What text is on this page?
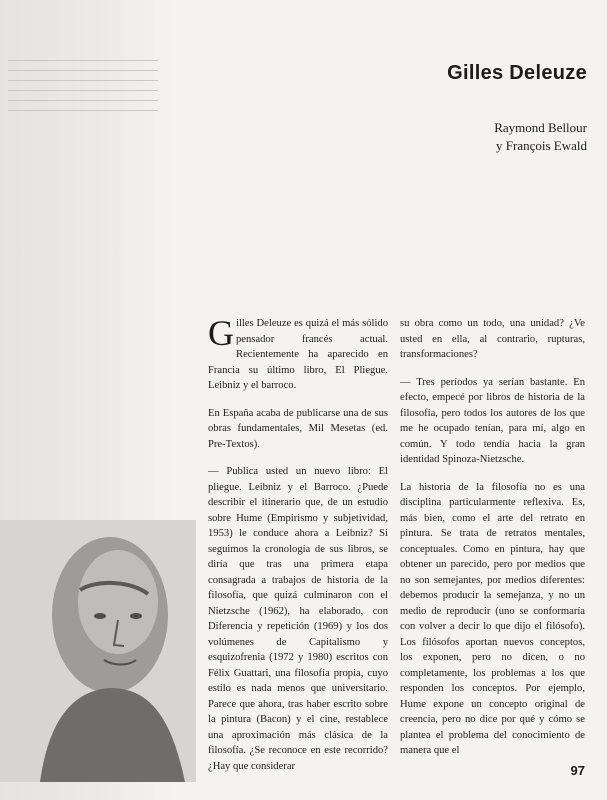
Gilles Deleuze
Raymond Bellour
y François Ewald

Gilles Deleuze es quizá el más sólido pensador francés actual. Recientemente ha aparecido en Francia su último libro, El Pliegue. Leibniz y el barroco.

En España acaba de publicarse una de sus obras fundamentales, Mil Mesetas (ed. Pre-Textos).

— Publica usted un nuevo libro: El pliegue. Leibniz y el Barroco. ¿Puede describir el itinerario que, de un estudio sobre Hume (Empirismo y subjetividad, 1953) le conduce ahora a Leibniz? Si seguimos la cronología de sus libros, se diría que tras una primera etapa consagrada a trabajos de historia de la filosofía, que quizá culminaron con el Nietzsche (1962), ha elaborado, con Diferencia y repetición (1969) y los dos volúmenes de Capitalismo y esquizofrenia (1972 y 1980) escritos con Félix Guattari, una filosofía propia, cuyo estilo es nada menos que universitario. Parece que ahora, tras haber escrito sobre la pintura (Bacon) y el cine, restablece una aproximación más clásica de la filosofía. ¿Se reconoce en este recorrido? ¿Hay que considerar

su obra como un todo, una unidad? ¿Ve usted en ella, al contrario, rupturas, transformaciones?

— Tres períodos ya serían bastante. En efecto, empecé por libros de historia de la filosofía, pero todos los autores de los que me he ocupado tenían, para mí, algo en común. Y todo tendía hacia la gran identidad Spinoza-Nietzsche.

La historia de la filosofía no es una disciplina particularmente reflexiva. Es, más bien, como el arte del retrato en pintura. Se trata de retratos mentales, conceptuales. Como en pintura, hay que obtener un parecido, pero por medios que no son semejantes, por medios diferentes: debemos producir la semejanza, y no un medio de reproducir (uno se conformaría con volver a decir lo que dijo el filósofo). Los filósofos aportan nuevos conceptos, los exponen, pero no dicen, o no completamente, los problemas a los que responden los conceptos. Por ejemplo, Hume expone un concepto original de creencia, pero no dice por qué y cómo se plantea el problema del conocimiento de manera que el

97
